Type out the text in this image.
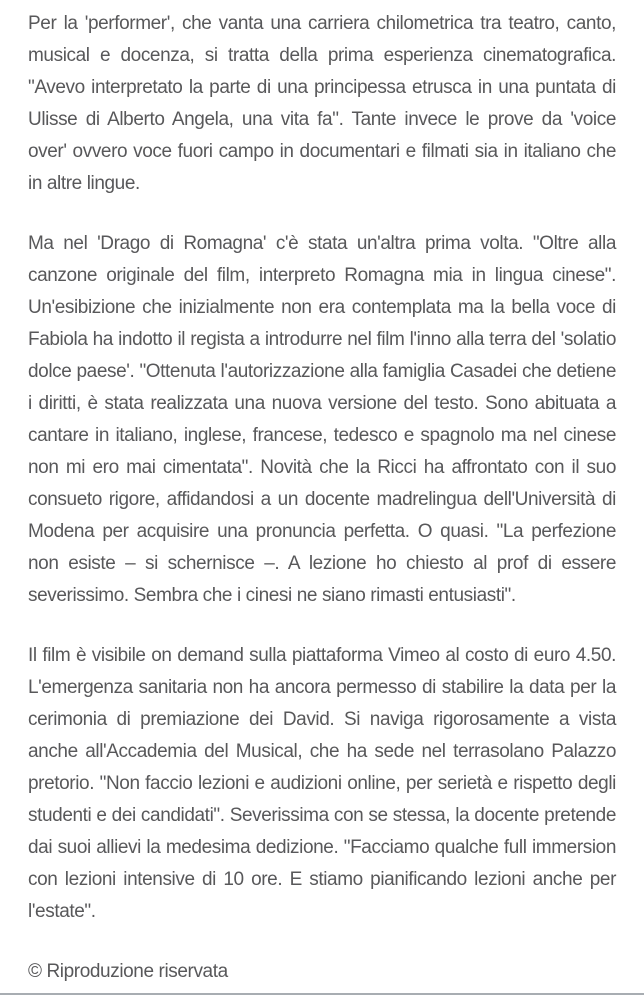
Per la 'performer', che vanta una carriera chilometrica tra teatro, canto, musical e docenza, si tratta della prima esperienza cinematografica. "Avevo interpretato la parte di una principessa etrusca in una puntata di Ulisse di Alberto Angela, una vita fa". Tante invece le prove da 'voice over' ovvero voce fuori campo in documentari e filmati sia in italiano che in altre lingue.

Ma nel 'Drago di Romagna' c'è stata un'altra prima volta. "Oltre alla canzone originale del film, interpreto Romagna mia in lingua cinese". Un'esibizione che inizialmente non era contemplata ma la bella voce di Fabiola ha indotto il regista a introdurre nel film l'inno alla terra del 'solatio dolce paese'. "Ottenuta l'autorizzazione alla famiglia Casadei che detiene i diritti, è stata realizzata una nuova versione del testo. Sono abituata a cantare in italiano, inglese, francese, tedesco e spagnolo ma nel cinese non mi ero mai cimentata". Novità che la Ricci ha affrontato con il suo consueto rigore, affidandosi a un docente madrelingua dell'Università di Modena per acquisire una pronuncia perfetta. O quasi. "La perfezione non esiste – si schernisce –. A lezione ho chiesto al prof di essere severissimo. Sembra che i cinesi ne siano rimasti entusiasti".

Il film è visibile on demand sulla piattaforma Vimeo al costo di euro 4.50. L'emergenza sanitaria non ha ancora permesso di stabilire la data per la cerimonia di premiazione dei David. Si naviga rigorosamente a vista anche all'Accademia del Musical, che ha sede nel terrasolano Palazzo pretorio. "Non faccio lezioni e audizioni online, per serietà e rispetto degli studenti e dei candidati". Severissima con se stessa, la docente pretende dai suoi allievi la medesima dedizione. "Facciamo qualche full immersion con lezioni intensive di 10 ore. E stiamo pianificando lezioni anche per l'estate".

© Riproduzione riservata
